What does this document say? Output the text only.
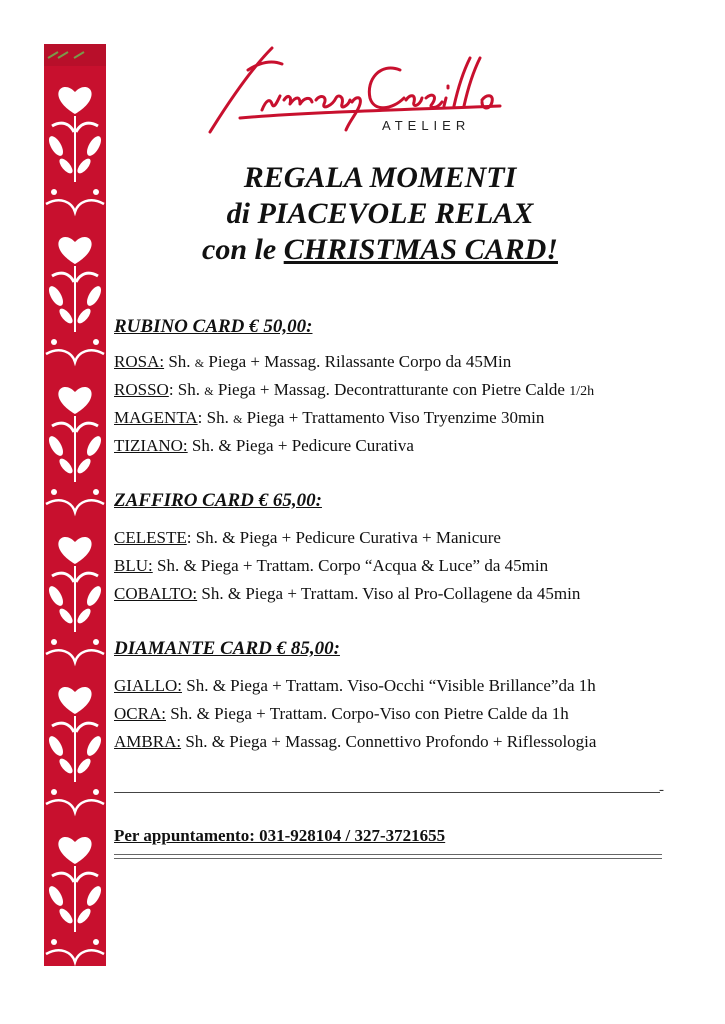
ATELIER
REGALA MOMENTI
di PIACEVOLE RELAX
con le CHRISTMAS CARD!
RUBINO CARD € 50,00:
ROSA: Sh. & Piega + Massag. Rilassante Corpo da 45Min
ROSSO: Sh. & Piega + Massag. Decontratturante con Pietre Calde 1/2h
MAGENTA: Sh. & Piega + Trattamento Viso Tryenzime 30min
TIZIANO: Sh. & Piega + Pedicure Curativa
ZAFFIRO CARD € 65,00:
CELESTE: Sh. & Piega + Pedicure Curativa + Manicure
BLU: Sh. & Piega + Trattam. Corpo “Acqua & Luce” da 45min
COBALTO: Sh. & Piega + Trattam. Viso al Pro-Collagene da 45min
DIAMANTE CARD € 85,00:
GIALLO: Sh. & Piega + Trattam. Viso-Occhi “Visible Brillance”da 1h
OCRA: Sh. & Piega + Trattam. Corpo-Viso con Pietre Calde da 1h
AMBRA: Sh. & Piega + Massag. Connettivo Profondo + Riflessologia
-
Per appuntamento: 031-928104 / 327-3721655
